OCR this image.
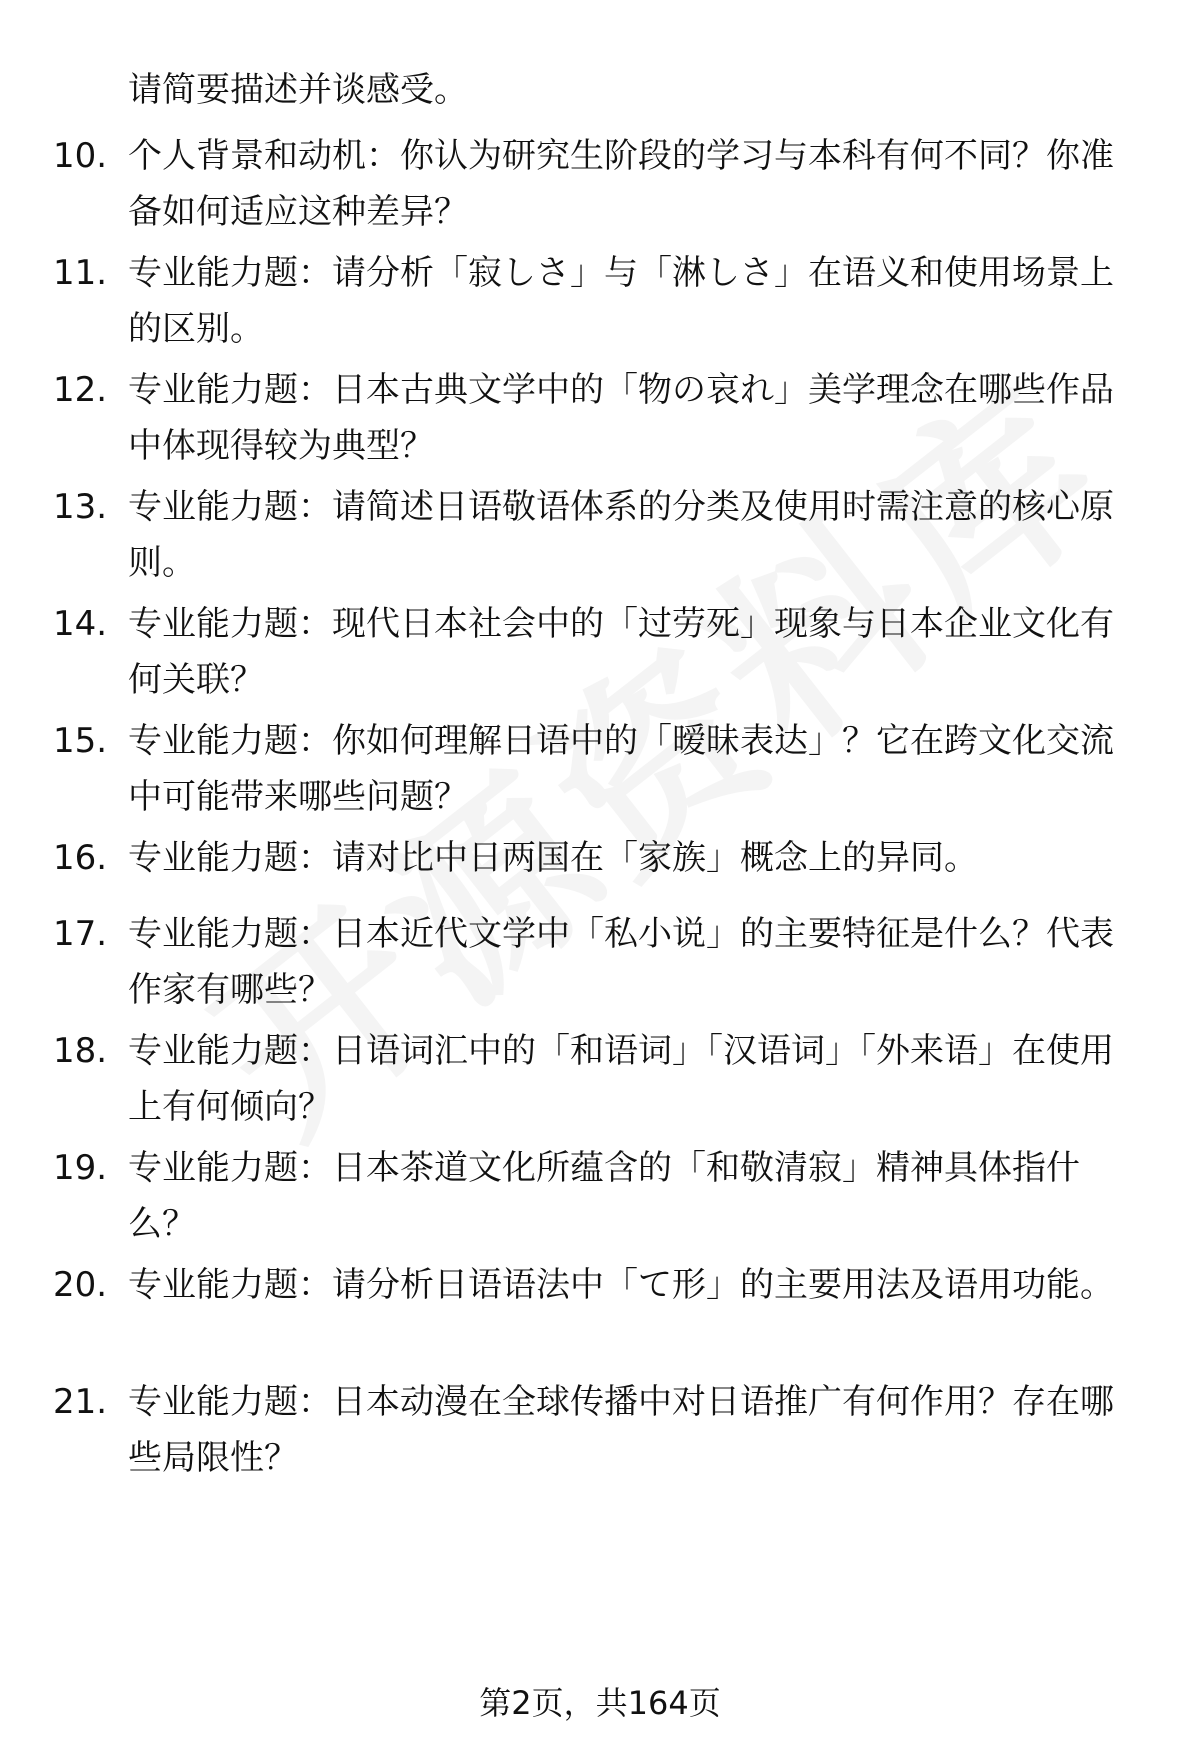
请简要描述并谈感受。
10. 个人背景和动机：你认为研究生阶段的学习与本科有何不同？你准备如何适应这种差异？
11. 专业能力题：请分析「寂しさ」与「淋しさ」在语义和使用场景上的区别。
12. 专业能力题：日本古典文学中的「物の哀れ」美学理念在哪些作品中体现得较为典型？
13. 专业能力题：请简述日语敬语体系的分类及使用时需注意的核心原则。
14. 专业能力题：现代日本社会中的「过劳死」现象与日本企业文化有何关联？
15. 专业能力题：你如何理解日语中的「暧昧表达」？它在跨文化交流中可能带来哪些问题？
16. 专业能力题：请对比中日两国在「家族」概念上的异同。
17. 专业能力题：日本近代文学中「私小说」的主要特征是什么？代表作家有哪些？
18. 专业能力题：日语词汇中的「和语词」「汉语词」「外来语」在使用上有何倾向？
19. 专业能力题：日本茶道文化所蕴含的「和敬清寂」精神具体指什么？
20. 专业能力题：请分析日语语法中「て形」的主要用法及语用功能。
21. 专业能力题：日本动漫在全球传播中对日语推广有何作用？存在哪些局限性？
第2页，共164页
